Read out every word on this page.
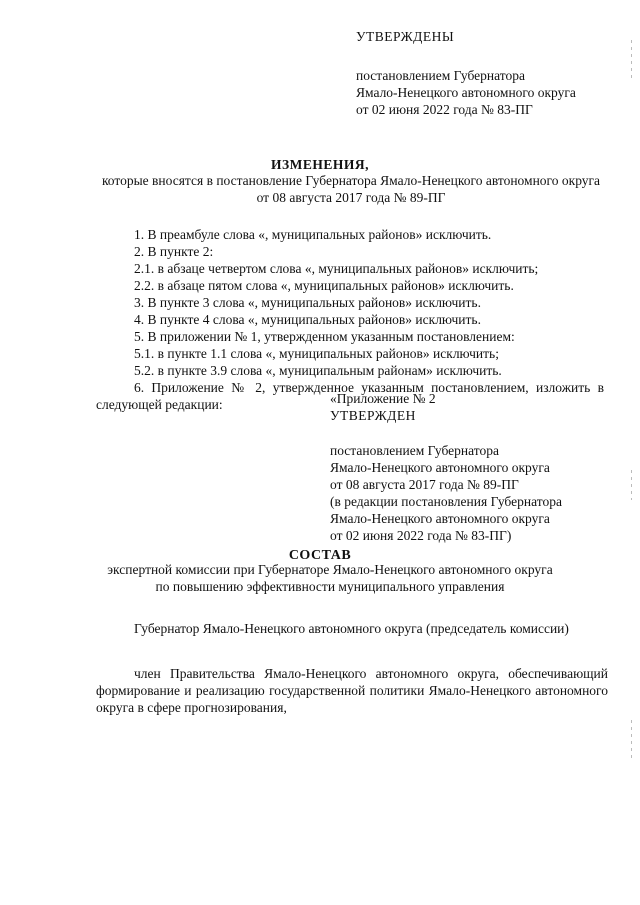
УТВЕРЖДЕНЫ
постановлением Губернатора
Ямало-Ненецкого автономного округа
от 02 июня 2022 года № 83-ПГ
ИЗМЕНЕНИЯ,
которые вносятся в постановление Губернатора Ямало-Ненецкого автономного округа от 08 августа 2017 года № 89-ПГ
1. В преамбуле слова «, муниципальных районов» исключить.
2. В пункте 2:
2.1. в абзаце четвертом слова «, муниципальных районов» исключить;
2.2. в абзаце пятом слова «, муниципальных районов» исключить.
3. В пункте 3 слова «, муниципальных районов» исключить.
4. В пункте 4 слова «, муниципальных районов» исключить.
5. В приложении № 1, утвержденном указанным постановлением:
5.1. в пункте 1.1 слова «, муниципальных районов» исключить;
5.2. в пункте 3.9 слова «, муниципальным районам» исключить.
6. Приложение № 2, утвержденное указанным постановлением, изложить в следующей редакции:	«Приложение № 2
УТВЕРЖДЕН
постановлением Губернатора
Ямало-Ненецкого автономного округа
от 08 августа 2017 года № 89-ПГ
(в редакции постановления Губернатора
Ямало-Ненецкого автономного округа
от 02 июня 2022 года № 83-ПГ)
СОСТАВ
экспертной комиссии при Губернаторе Ямало-Ненецкого автономного округа
по повышению эффективности муниципального управления
Губернатор Ямало-Ненецкого автономного округа (председатель комиссии)
член Правительства Ямало-Ненецкого автономного округа, обеспечивающий формирование и реализацию государственной политики Ямало-Ненецкого автономного округа в сфере прогнозирования,
